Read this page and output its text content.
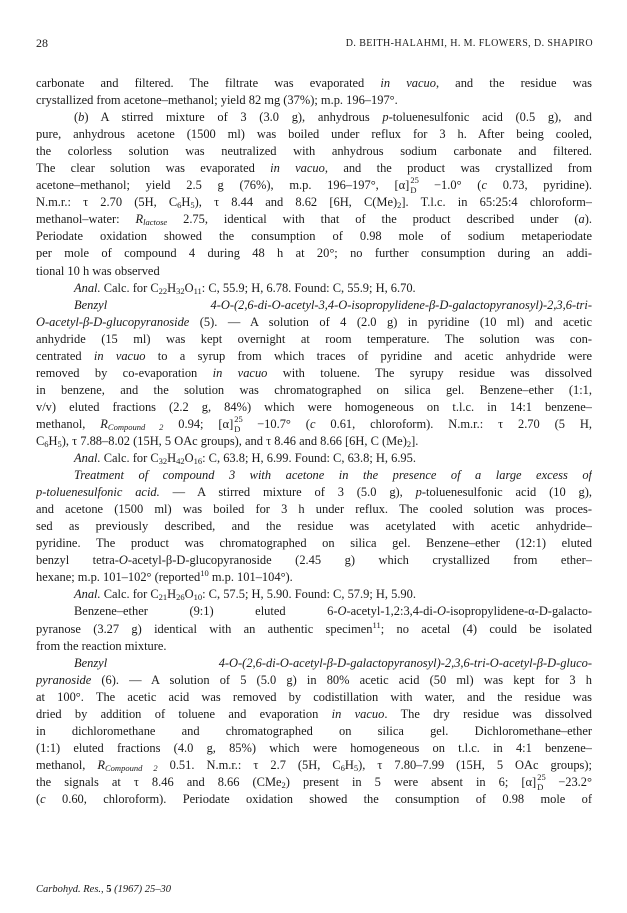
28	D. BEITH-HALAHMI, H. M. FLOWERS, D. SHAPIRO

carbonate and filtered. The filtrate was evaporated in vacuo, and the residue was
crystallized from acetone–methanol; yield 82 mg (37%); m.p. 196–197°.

(b) A stirred mixture of 3 (3.0 g), anhydrous p-toluenesulfonic acid (0.5 g), and
pure, anhydrous acetone (1500 ml) was boiled under reflux for 3 h. After being cooled,
the colorless solution was neutralized with anhydrous sodium carbonate and filtered.
The clear solution was evaporated in vacuo, and the product was crystallized from
acetone–methanol; yield 2.5 g (76%), m.p. 196–197°, [α] 25
D −1.0° (c 0.73, pyridine).
N.m.r.: τ 2.70 (5H, $C_6H_5$), τ 8.44 and 8.62 [6H, $C(Me)_2$]. T.l.c. in 65:25:4 chloroform–
methanol–water: $R_{lactose}$ 2.75, identical with that of the product described under (a).
Periodate oxidation showed the consumption of 0.98 mole of sodium metaperiodate
per mole of compound 4 during 48 h at 20°; no further consumption during an addi-
tional 10 h was observed

Anal. Calc. for $C_{22}H_{32}O_{11}$: C, 55.9; H, 6.78. Found: C, 55.9; H, 6.70.

Benzyl 4-O-(2,6-di-O-acetyl-3,4-O-isopropylidene-β-D-galactopyranosyl)-2,3,6-tri-
O-acetyl-β-D-glucopyranoside (5). — A solution of 4 (2.0 g) in pyridine (10 ml) and acetic
anhydride (15 ml) was kept overnight at room temperature. The solution was con-
centrated in vacuo to a syrup from which traces of pyridine and acetic anhydride were
removed by co-evaporation in vacuo with toluene. The syrupy residue was dissolved
in benzene, and the solution was chromatographed on silica gel. Benzene–ether (1:1,
v/v) eluted fractions (2.2 g, 84%) which were homogeneous on t.l.c. in 14:1 benzene–
methanol, $R_{Compound 2}$ 0.94; [α] 25
D −10.7° (c 0.61, chloroform). N.m.r.: τ 2.70 (5 H,
$C_6H_5$), τ 7.88–8.02 (15H, 5 OAc groups), and τ 8.46 and 8.66 [6H, C $(Me)_2$].

Anal. Calc. for $C_{32}H_{42}O_{16}$: C, 63.8; H, 6.99. Found: C, 63.8; H, 6.95.

Treatment of compound 3 with acetone in the presence of a large excess of
p-toluenesulfonic acid. — A stirred mixture of 3 (5.0 g), p-toluenesulfonic acid (10 g),
and acetone (1500 ml) was boiled for 3 h under reflux. The cooled solution was proces-
sed as previously described, and the residue was acetylated with acetic anhydride–
pyridine. The product was chromatographed on silica gel. Benzene–ether (12:1) eluted
benzyl tetra-O-acetyl-β-D-glucopyranoside (2.45 g) which crystallized from ether–
hexane; m.p. 101–102° (reported$^{10}$ m.p. 101–104°).

Anal. Calc. for $C_{21}H_{26}O_{10}$: C, 57.5; H, 5.90. Found: C, 57.9; H, 5.90.

Benzene–ether (9:1) eluted 6-O-acetyl-1,2:3,4-di-O-isopropylidene-α-D-galacto-
pyranose (3.27 g) identical with an authentic specimen$^{11}$; no acetal (4) could be isolated
from the reaction mixture.

Benzyl 4-O-(2,6-di-O-acetyl-β-D-galactopyranosyl)-2,3,6-tri-O-acetyl-β-D-gluco-
pyranoside (6). — A solution of 5 (5.0 g) in 80% acetic acid (50 ml) was kept for 3 h
at 100°. The acetic acid was removed by codistillation with water, and the residue was
dried by addition of toluene and evaporation in vacuo. The dry residue was dissolved
in dichloromethane and chromatographed on silica gel. Dichloromethane–ether
(1:1) eluted fractions (4.0 g, 85%) which were homogeneous on t.l.c. in 4:1 benzene–
methanol, $R_{Compound 2}$ 0.51. N.m.r.: τ 2.7 (5H, $C_6H_5$), τ 7.80–7.99 (15H, 5 OAc groups);
the signals at τ 8.46 and 8.66 (CMe$_2$) present in 5 were absent in 6; [α] 25
D −23.2°
(c 0.60, chloroform). Periodate oxidation showed the consumption of 0.98 mole of

Carbohyd. Res., 5 (1967) 25–30
